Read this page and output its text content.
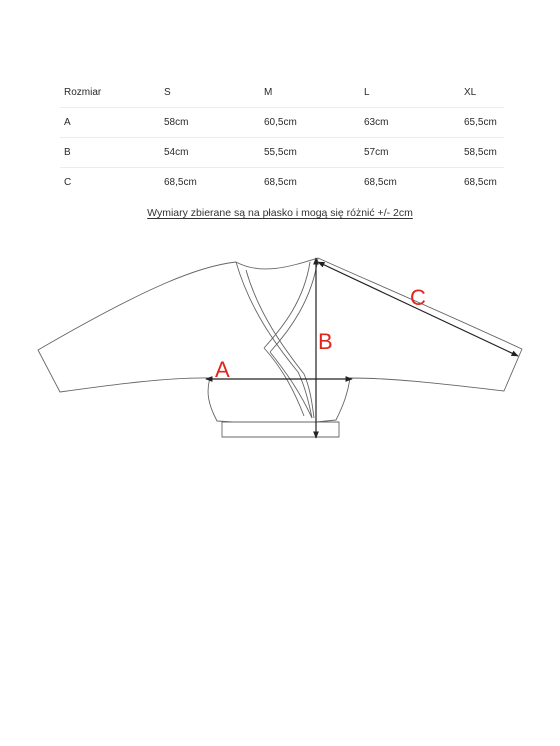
Rozmiar	S	M	L	XL
A	58cm	60,5cm	63cm	65,5cm
B	54cm	55,5cm	57cm	58,5cm
C	68,5cm	68,5cm	68,5cm	68,5cm
Wymiary zbierane są na płasko i mogą się różnić +/- 2cm
A
B
C
